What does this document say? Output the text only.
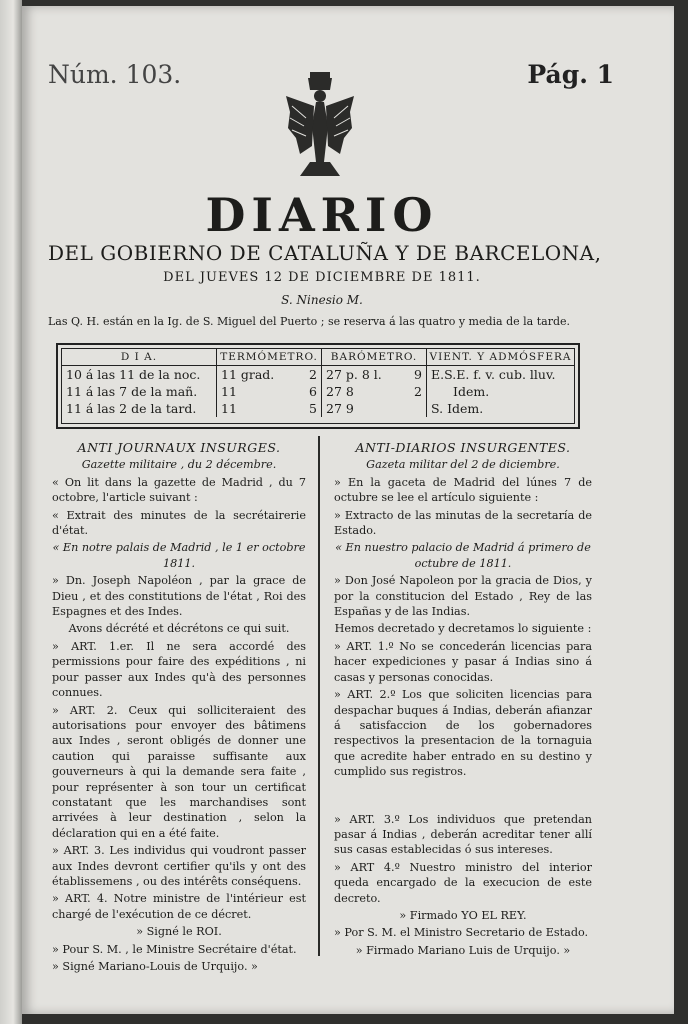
Núm. 103.	Pág. 1
DIARIO
DEL GOBIERNO DE CATALUÑA Y DE BARCELONA,
DEL JUEVES 12 DE DICIEMBRE DE 1811.
S. Ninesio M.
Las Q. H. están en la Ig. de S. Miguel del Puerto ; se reserva á las quatro y media de la tarde.
D I A.	TERMÓMETRO.	BARÓMETRO.	VIENT. Y ADMÓSFERA
10 á las 11 de la noc.	11 grad. 2	27 p. 8 l. 9	E.S.E. f. v. cub. lluv.
11 á las 7 de la mañ.	11 6	27 8 2	Idem.
11 á las 2 de la tard.	11 5	27 9	S. Idem.

ANTI JOURNAUX INSURGES.

Gazette militaire , du 2 décembre.

« On lit dans la gazette de Madrid , du 7 octobre, l'article suivant :

« Extrait des minutes de la secrétairerie d'état.

« En notre palais de Madrid , le 1 er octobre 1811.

» Dn. Joseph Napoléon , par la grace de Dieu , et des constitutions de l'état , Roi des Espagnes et des Indes.

Avons décrété et décrétons ce qui suit.

» ART. 1.er. Il ne sera accordé des permissions pour faire des expéditions , ni pour passer aux Indes qu'à des personnes connues.

» ART. 2. Ceux qui solliciteraient des autorisations pour envoyer des bâtimens aux Indes , seront obligés de donner une caution qui paraisse suffisante aux gouverneurs à qui la demande sera faite , pour représenter à son tour un certificat constatant que les marchandises sont arrivées à leur destination , selon la déclaration qui en a été faite.

» ART. 3. Les individus qui voudront passer aux Indes devront certifier qu'ils y ont des établissemens , ou des intérêts conséquens.

» ART. 4. Notre ministre de l'intérieur est chargé de l'exécution de ce décret.

» Signé le ROI.

» Pour S. M. , le Ministre Secrétaire d'état.

» Signé Mariano-Louis de Urquijo. »

ANTI-DIARIOS INSURGENTES.

Gazeta militar del 2 de diciembre.

» En la gaceta de Madrid del lúnes 7 de octubre se lee el artículo siguiente :

» Extracto de las minutas de la secretaría de Estado.

« En nuestro palacio de Madrid á primero de octubre de 1811.

» Don José Napoleon por la gracia de Dios, y por la constitucion del Estado , Rey de las Españas y de las Indias.

Hemos decretado y decretamos lo siguiente :

» ART. 1.º No se concederán licencias para hacer expediciones y pasar á Indias sino á casas y personas conocidas.

» ART. 2.º Los que soliciten licencias para despachar buques á Indias, deberán afianzar á satisfaccion de los gobernadores respectivos la presentacion de la tornaguia que acredite haber entrado en su destino y cumplido sus registros.

» ART. 3.º Los individuos que pretendan pasar á Indias , deberán acreditar tener allí sus casas establecidas ó sus intereses.

» ART 4.º Nuestro ministro del interior queda encargado de la execucion de este decreto.

» Firmado YO EL REY.

» Por S. M. el Ministro Secretario de Estado.

» Firmado Mariano Luis de Urquijo. »
